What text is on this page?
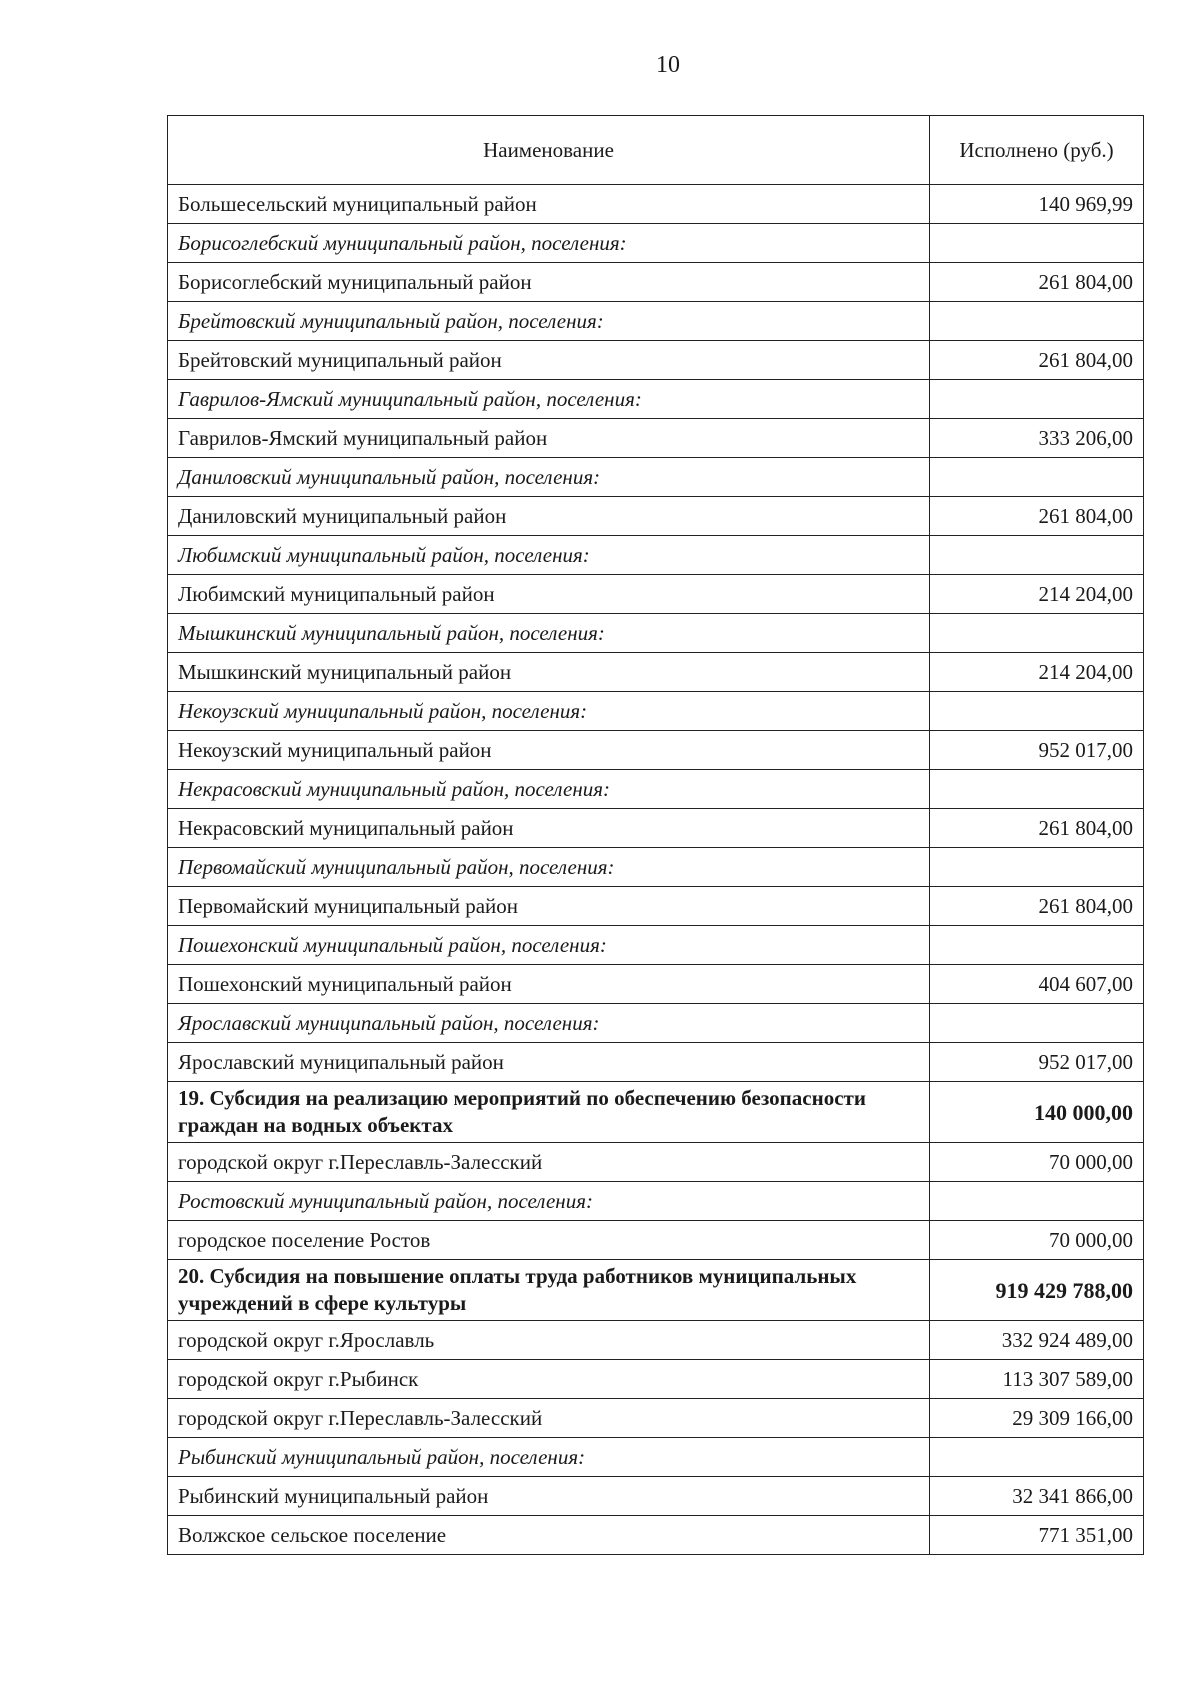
10
Наименование	Исполнено (руб.)
Большесельский муниципальный район	140 969,99
Борисоглебский муниципальный район, поселения:	
Борисоглебский муниципальный район	261 804,00
Брейтовский муниципальный район, поселения:	
Брейтовский муниципальный район	261 804,00
Гаврилов-Ямский муниципальный район, поселения:	
Гаврилов-Ямский муниципальный район	333 206,00
Даниловский муниципальный район, поселения:	
Даниловский муниципальный район	261 804,00
Любимский муниципальный район, поселения:	
Любимский муниципальный район	214 204,00
Мышкинский муниципальный район, поселения:	
Мышкинский муниципальный район	214 204,00
Некоузский муниципальный район, поселения:	
Некоузский муниципальный район	952 017,00
Некрасовский муниципальный район, поселения:	
Некрасовский муниципальный район	261 804,00
Первомайский муниципальный район, поселения:	
Первомайский муниципальный район	261 804,00
Пошехонский муниципальный район, поселения:	
Пошехонский муниципальный район	404 607,00
Ярославский муниципальный район, поселения:	
Ярославский муниципальный район	952 017,00
19. Субсидия на реализацию мероприятий по обеспечению безопасности граждан на водных объектах	140 000,00
городской округ г.Переславль-Залесский	70 000,00
Ростовский муниципальный район, поселения:	
городское поселение Ростов	70 000,00
20. Субсидия на повышение оплаты труда работников муниципальных учреждений в сфере культуры	919 429 788,00
городской округ г.Ярославль	332 924 489,00
городской округ г.Рыбинск	113 307 589,00
городской округ г.Переславль-Залесский	29 309 166,00
Рыбинский муниципальный район, поселения:	
Рыбинский муниципальный район	32 341 866,00
Волжское сельское поселение	771 351,00
